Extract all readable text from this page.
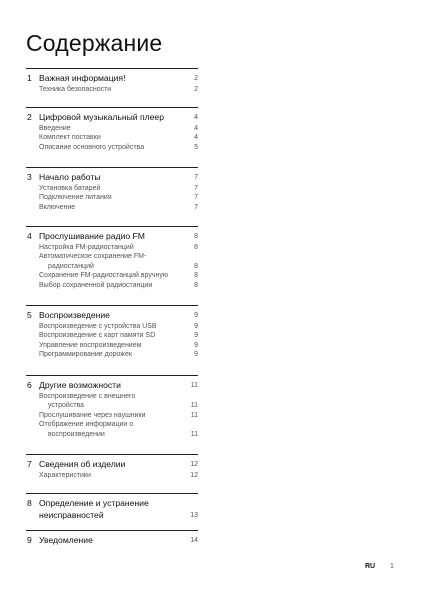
Содержание
1 Важная информация!	2
Техника безопасности	2
2 Цифровой музыкальный плеер	4
Введение	4
Комплект поставки	4
Описание основного устройства	5
3 Начало работы	7
Установка батарей	7
Подключение питания	7
Включение	7
4 Прослушивание радио FM	8
Настройка FM-радиостанций	8
Автоматическое сохранение FM-
радиостанций	8
Сохранение FM-радиостанций вручную	8
Выбор сохраненной радиостанции	8
5 Воспроизведение	9
Воспроизведение с устройства USB	9
Воспроизведение с карт памяти SD	9
Управление воспроизведением	9
Программирование дорожек	9
6 Другие возможности	11
Воспроизведение с внешнего
устройства	11
Прослушивание через наушники	11
Отображение информации о
воспроизведении	11
7 Сведения об изделии	12
Характеристики	12
8 Определение и устранение
неисправностей	13
9 Уведомление	14
RU 1
